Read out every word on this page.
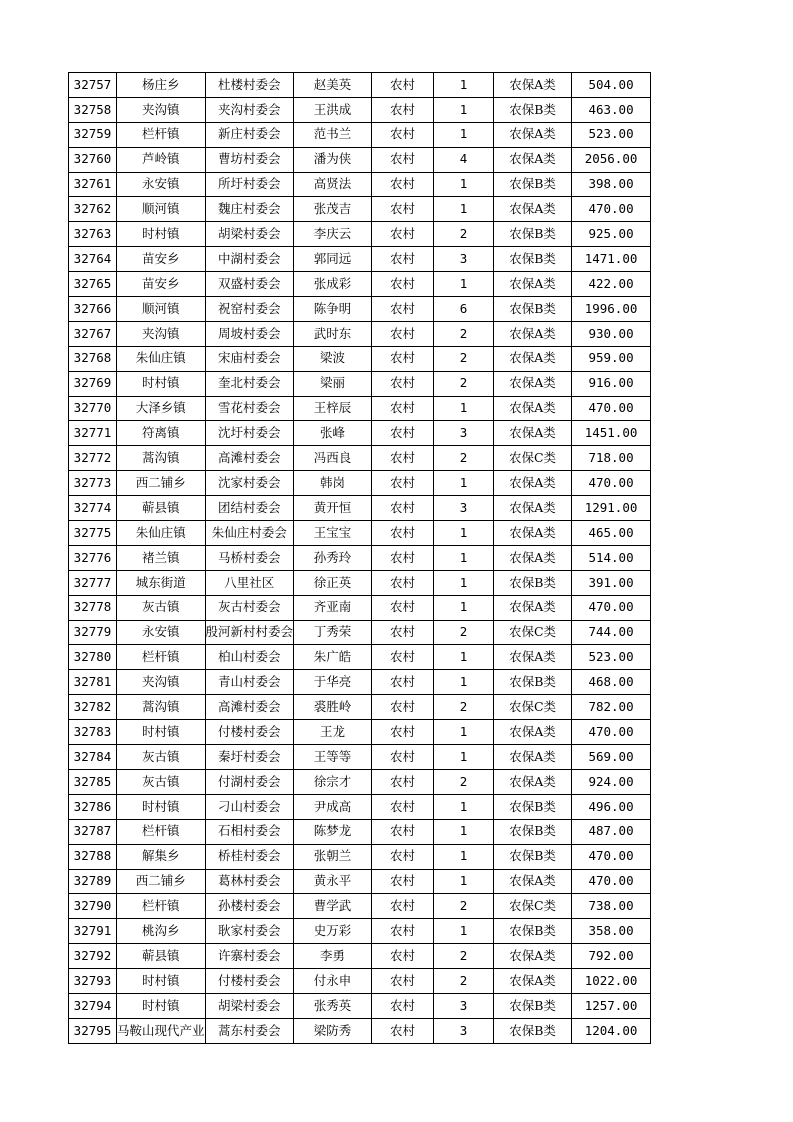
32757	杨庄乡	杜楼村委会	赵美英	农村	1	农保A类	504.00
32758	夹沟镇	夹沟村委会	王洪成	农村	1	农保B类	463.00
32759	栏杆镇	新庄村委会	范书兰	农村	1	农保A类	523.00
32760	芦岭镇	曹坊村委会	潘为侠	农村	4	农保A类	2056.00
32761	永安镇	所圩村委会	高贤法	农村	1	农保B类	398.00
32762	顺河镇	魏庄村委会	张茂吉	农村	1	农保A类	470.00
32763	时村镇	胡梁村委会	李庆云	农村	2	农保B类	925.00
32764	苗安乡	中湖村委会	郭同远	农村	3	农保B类	1471.00
32765	苗安乡	双盛村委会	张成彩	农村	1	农保A类	422.00
32766	顺河镇	祝窑村委会	陈争明	农村	6	农保B类	1996.00
32767	夹沟镇	周坡村委会	武时东	农村	2	农保A类	930.00
32768	朱仙庄镇	宋庙村委会	梁波	农村	2	农保A类	959.00
32769	时村镇	奎北村委会	梁丽	农村	2	农保A类	916.00
32770	大泽乡镇	雪花村委会	王梓辰	农村	1	农保A类	470.00
32771	符离镇	沈圩村委会	张峰	农村	3	农保A类	1451.00
32772	蒿沟镇	高滩村委会	冯西良	农村	2	农保C类	718.00
32773	西二铺乡	沈家村委会	韩岗	农村	1	农保A类	470.00
32774	蕲县镇	团结村委会	黄开恒	农村	3	农保A类	1291.00
32775	朱仙庄镇	朱仙庄村委会	王宝宝	农村	1	农保A类	465.00
32776	褚兰镇	马桥村委会	孙秀玲	农村	1	农保A类	514.00
32777	城东街道	八里社区	徐正英	农村	1	农保B类	391.00
32778	灰古镇	灰古村委会	齐亚南	农村	1	农保A类	470.00
32779	永安镇	殷河新村村委会	丁秀荣	农村	2	农保C类	744.00
32780	栏杆镇	柏山村委会	朱广皓	农村	1	农保A类	523.00
32781	夹沟镇	青山村委会	于华亮	农村	1	农保B类	468.00
32782	蒿沟镇	高滩村委会	裘胜岭	农村	2	农保C类	782.00
32783	时村镇	付楼村委会	王龙	农村	1	农保A类	470.00
32784	灰古镇	秦圩村委会	王等等	农村	1	农保A类	569.00
32785	灰古镇	付湖村委会	徐宗才	农村	2	农保A类	924.00
32786	时村镇	刁山村委会	尹成高	农村	1	农保B类	496.00
32787	栏杆镇	石相村委会	陈梦龙	农村	1	农保B类	487.00
32788	解集乡	桥桂村委会	张朝兰	农村	1	农保B类	470.00
32789	西二铺乡	葛林村委会	黄永平	农村	1	农保A类	470.00
32790	栏杆镇	孙楼村委会	曹学武	农村	2	农保C类	738.00
32791	桃沟乡	耿家村委会	史万彩	农村	1	农保B类	358.00
32792	蕲县镇	许寨村委会	李勇	农村	2	农保A类	792.00
32793	时村镇	付楼村委会	付永申	农村	2	农保A类	1022.00
32794	时村镇	胡梁村委会	张秀英	农村	3	农保B类	1257.00
32795	马鞍山现代产业	蒿东村委会	梁防秀	农村	3	农保B类	1204.00
